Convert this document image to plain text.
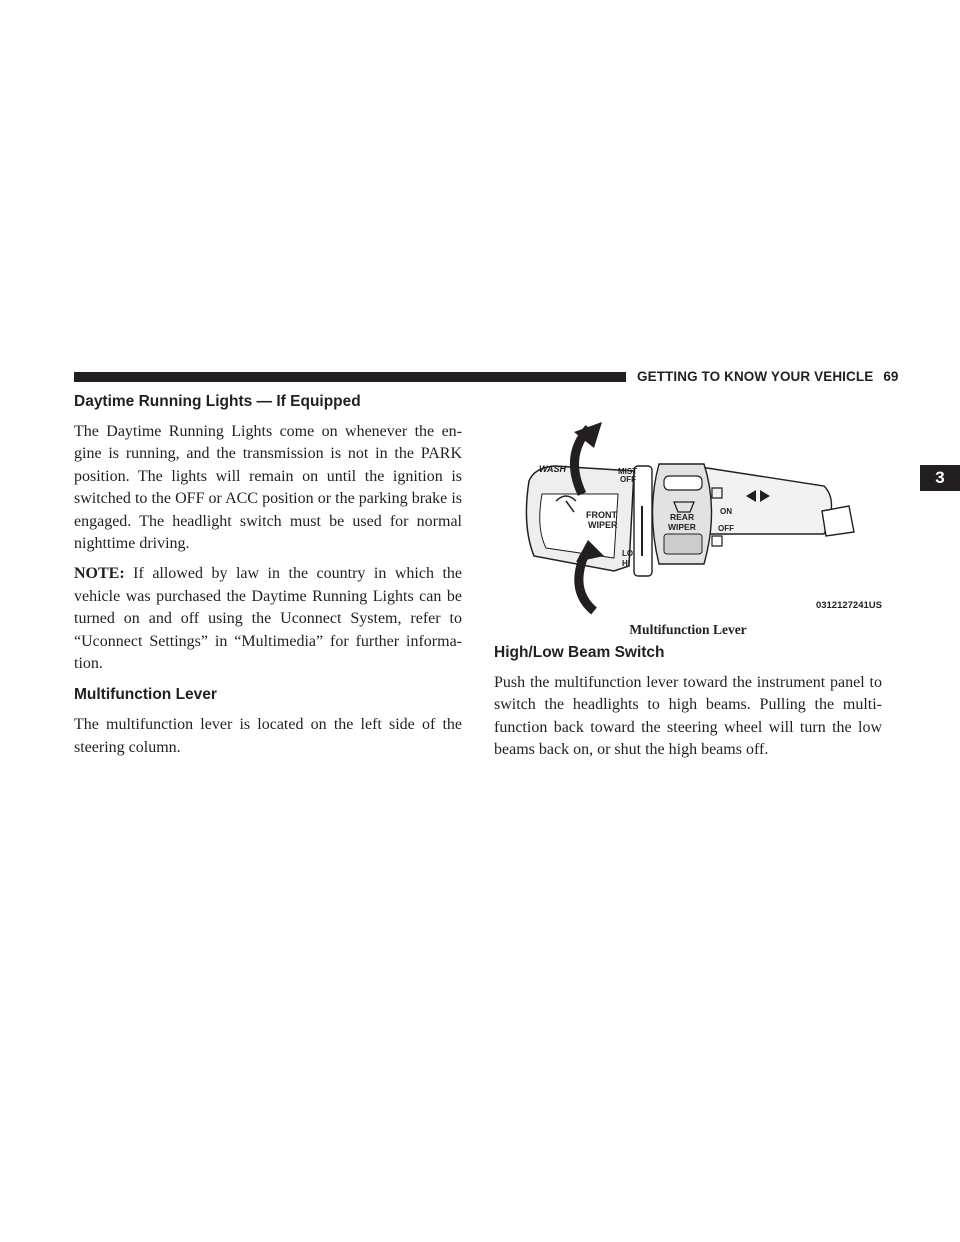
GETTING TO KNOW YOUR VEHICLE 69
3
Daytime Running Lights — If Equipped

The Daytime Running Lights come on whenever the en-gine is running, and the transmission is not in the PARK position. The lights will remain on until the ignition is switched to the OFF or ACC position or the parking brake is engaged. The headlight switch must be used for normal nighttime driving.

NOTE: If allowed by law in the country in which the vehicle was purchased the Daytime Running Lights can be turned on and off using the Uconnect System, refer to “Uconnect Settings” in “Multimedia” for further informa-tion.

Multifunction Lever

The multifunction lever is located on the left side of the steering column.

WASH	MIST
OFF
FRONT
WIPER
REAR
WIPER
ON
OFF
LO
HI
0312127241US
Multifunction Lever
High/Low Beam Switch

Push the multifunction lever toward the instrument panel to switch the headlights to high beams. Pulling the multi-function back toward the steering wheel will turn the low beams back on, or shut the high beams off.
